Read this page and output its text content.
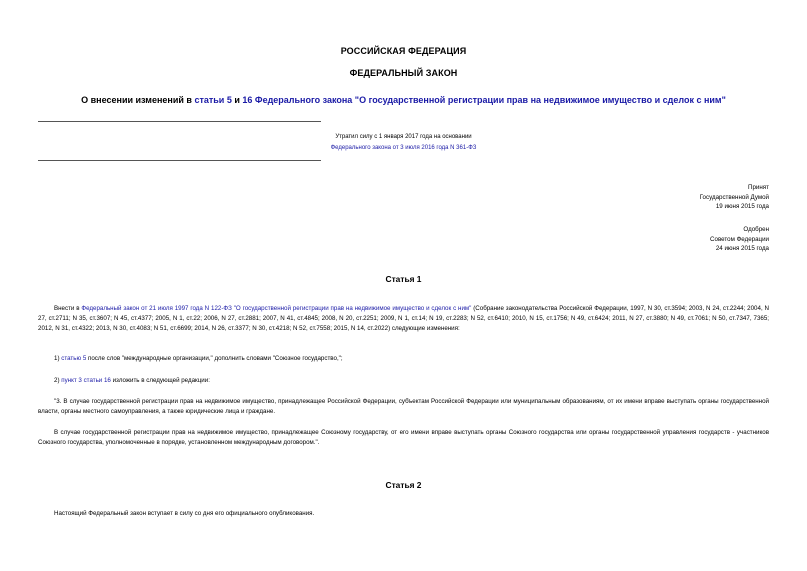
РОССИЙСКАЯ ФЕДЕРАЦИЯ
ФЕДЕРАЛЬНЫЙ ЗАКОН
О внесении изменений в статьи 5 и 16 Федерального закона "О государственной регистрации прав на недвижимое имущество и сделок с ним"
Утратил силу с 1 января 2017 года на основании
Федерального закона от 3 июля 2016 года N 361-ФЗ
Принят
Государственной Думой
19 июня 2015 года
Одобрен
Советом Федерации
24 июня 2015 года
Статья 1
Внести в Федеральный закон от 21 июля 1997 года N 122-ФЗ "О государственной регистрации прав на недвижимое имущество и сделок с ним" (Собрание законодательства Российской Федерации, 1997, N 30, ст.3594; 2003, N 24, ст.2244; 2004, N 27, ст.2711; N 35, ст.3607; N 45, ст.4377; 2005, N 1, ст.22; 2006, N 27, ст.2881; 2007, N 41, ст.4845; 2008, N 20, ст.2251; 2009, N 1, ст.14; N 19, ст.2283; N 52, ст.6410; 2010, N 15, ст.1756; N 49, ст.6424; 2011, N 27, ст.3880; N 49, ст.7061; N 50, ст.7347, 7365; 2012, N 31, ст.4322; 2013, N 30, ст.4083; N 51, ст.6699; 2014, N 26, ст.3377; N 30, ст.4218; N 52, ст.7558; 2015, N 14, ст.2022) следующие изменения:
1) статью 5 после слов "международные организации," дополнить словами "Союзное государство,";
2) пункт 3 статьи 16 изложить в следующей редакции:
"3. В случае государственной регистрации прав на недвижимое имущество, принадлежащее Российской Федерации, субъектам Российской Федерации или муниципальным образованиям, от их имени вправе выступать органы государственной власти, органы местного самоуправления, а также юридические лица и граждане.
В случае государственной регистрации прав на недвижимое имущество, принадлежащее Союзному государству, от его имени вправе выступать органы Союзного государства или органы государственной управления государств - участников Союзного государства, уполномоченные в порядке, установленном международным договором.".
Статья 2
Настоящий Федеральный закон вступает в силу со дня его официального опубликования.
